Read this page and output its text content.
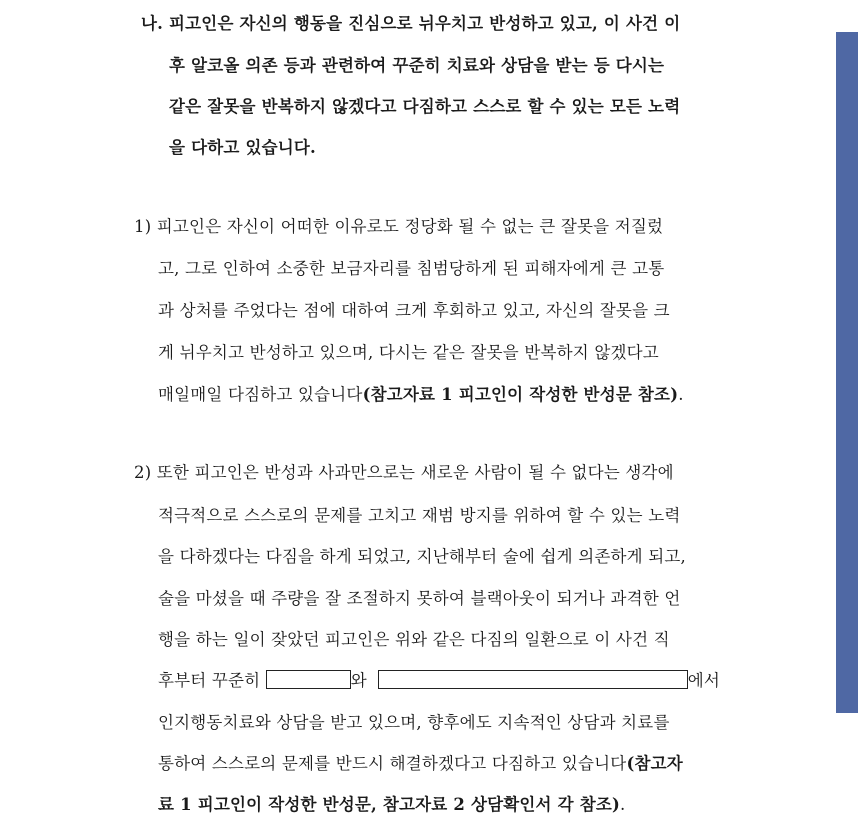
나. 피고인은 자신의 행동을 진심으로 뉘우치고 반성하고 있고, 이 사건 이
후 알코올 의존 등과 관련하여 꾸준히 치료와 상담을 받는 등 다시는
같은 잘못을 반복하지 않겠다고 다짐하고 스스로 할 수 있는 모든 노력
을 다하고 있습니다.
1) 피고인은 자신이 어떠한 이유로도 정당화 될 수 없는 큰 잘못을 저질렀
고, 그로 인하여 소중한 보금자리를 침범당하게 된 피해자에게 큰 고통
과 상처를 주었다는 점에 대하여 크게 후회하고 있고, 자신의 잘못을 크
게 뉘우치고 반성하고 있으며, 다시는 같은 잘못을 반복하지 않겠다고
매일매일 다짐하고 있습니다(참고자료 1 피고인이 작성한 반성문 참조).
2) 또한 피고인은 반성과 사과만으로는 새로운 사람이 될 수 없다는 생각에
적극적으로 스스로의 문제를 고치고 재범 방지를 위하여 할 수 있는 노력
을 다하겠다는 다짐을 하게 되었고, 지난해부터 술에 쉽게 의존하게 되고,
술을 마셨을 때 주량을 잘 조절하지 못하여 블랙아웃이 되거나 과격한 언
행을 하는 일이 잦았던 피고인은 위와 같은 다짐의 일환으로 이 사건 직
후부터 꾸준히	와	에서
인지행동치료와 상담을 받고 있으며, 향후에도 지속적인 상담과 치료를
통하여 스스로의 문제를 반드시 해결하겠다고 다짐하고 있습니다(참고자
료 1 피고인이 작성한 반성문, 참고자료 2 상담확인서 각 참조).
